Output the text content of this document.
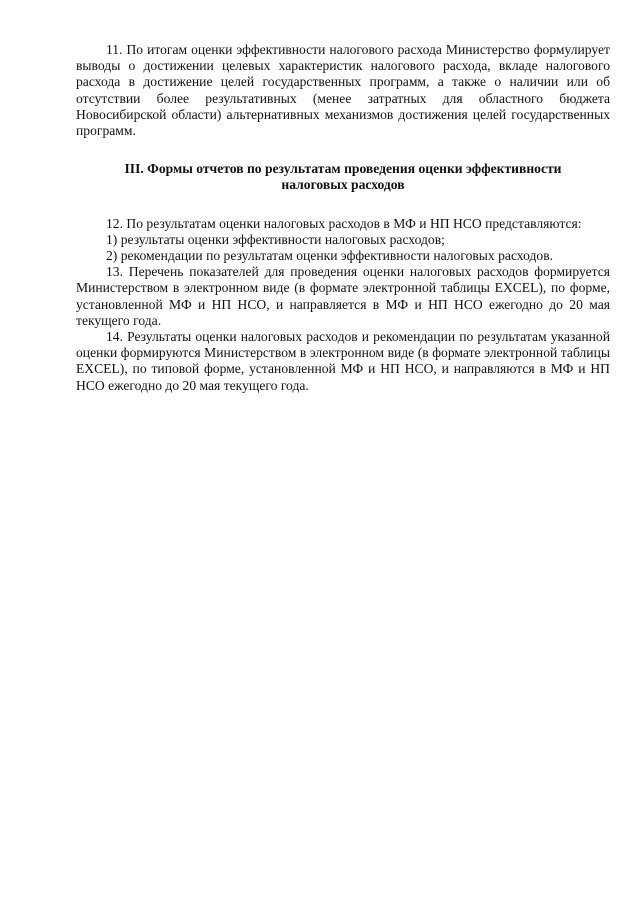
11. По итогам оценки эффективности налогового расхода Министерство формулирует выводы о достижении целевых характеристик налогового расхода, вкладе налогового расхода в достижение целей государственных программ, а также о наличии или об отсутствии более результативных (менее затратных для областного бюджета Новосибирской области) альтернативных механизмов достижения целей государственных программ.

III. Формы отчетов по результатам проведения оценки эффективности налоговых расходов

12. По результатам оценки налоговых расходов в МФ и НП НСО представляются:

1) результаты оценки эффективности налоговых расходов;

2) рекомендации по результатам оценки эффективности налоговых расходов.

13. Перечень показателей для проведения оценки налоговых расходов формируется Министерством в электронном виде (в формате электронной таблицы EXCEL), по форме, установленной МФ и НП НСО, и направляется в МФ и НП НСО ежегодно до 20 мая текущего года.

14. Результаты оценки налоговых расходов и рекомендации по результатам указанной оценки формируются Министерством в электронном виде (в формате электронной таблицы EXCEL), по типовой форме, установленной МФ и НП НСО, и направляются в МФ и НП НСО ежегодно до 20 мая текущего года.
